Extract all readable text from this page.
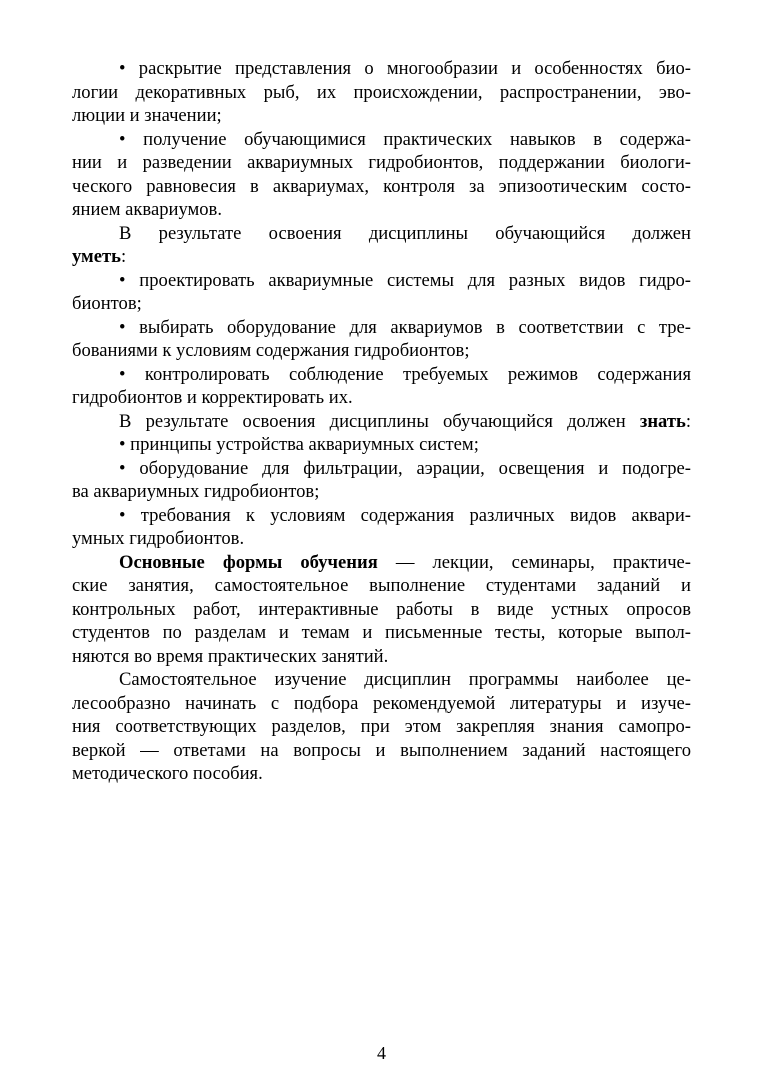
• раскрытие представления о многообразии и особенностях био-
логии декоративных рыб, их происхождении, распространении, эво-
люции и значении;
• получение обучающимися практических навыков в содержа-
нии и разведении аквариумных гидробионтов, поддержании биологи-
ческого равновесия в аквариумах, контроля за эпизоотическим состо-
янием аквариумов.
В результате освоения дисциплины обучающийся должен
уметь:
• проектировать аквариумные системы для разных видов гидро-
бионтов;
• выбирать оборудование для аквариумов в соответствии с тре-
бованиями к условиям содержания гидробионтов;
• контролировать соблюдение требуемых режимов содержания
гидробионтов и корректировать их.
В результате освоения дисциплины обучающийся должен знать:
• принципы устройства аквариумных систем;
• оборудование для фильтрации, аэрации, освещения и подогре-
ва аквариумных гидробионтов;
• требования к условиям содержания различных видов аквари-
умных гидробионтов.
Основные формы обучения — лекции, семинары, практиче-
ские занятия, самостоятельное выполнение студентами заданий и
контрольных работ, интерактивные работы в виде устных опросов
студентов по разделам и темам и письменные тесты, которые выпол-
няются во время практических занятий.
Самостоятельное изучение дисциплин программы наиболее це-
лесообразно начинать с подбора рекомендуемой литературы и изуче-
ния соответствующих разделов, при этом закрепляя знания самопро-
веркой — ответами на вопросы и выполнением заданий настоящего
методического пособия.
4
